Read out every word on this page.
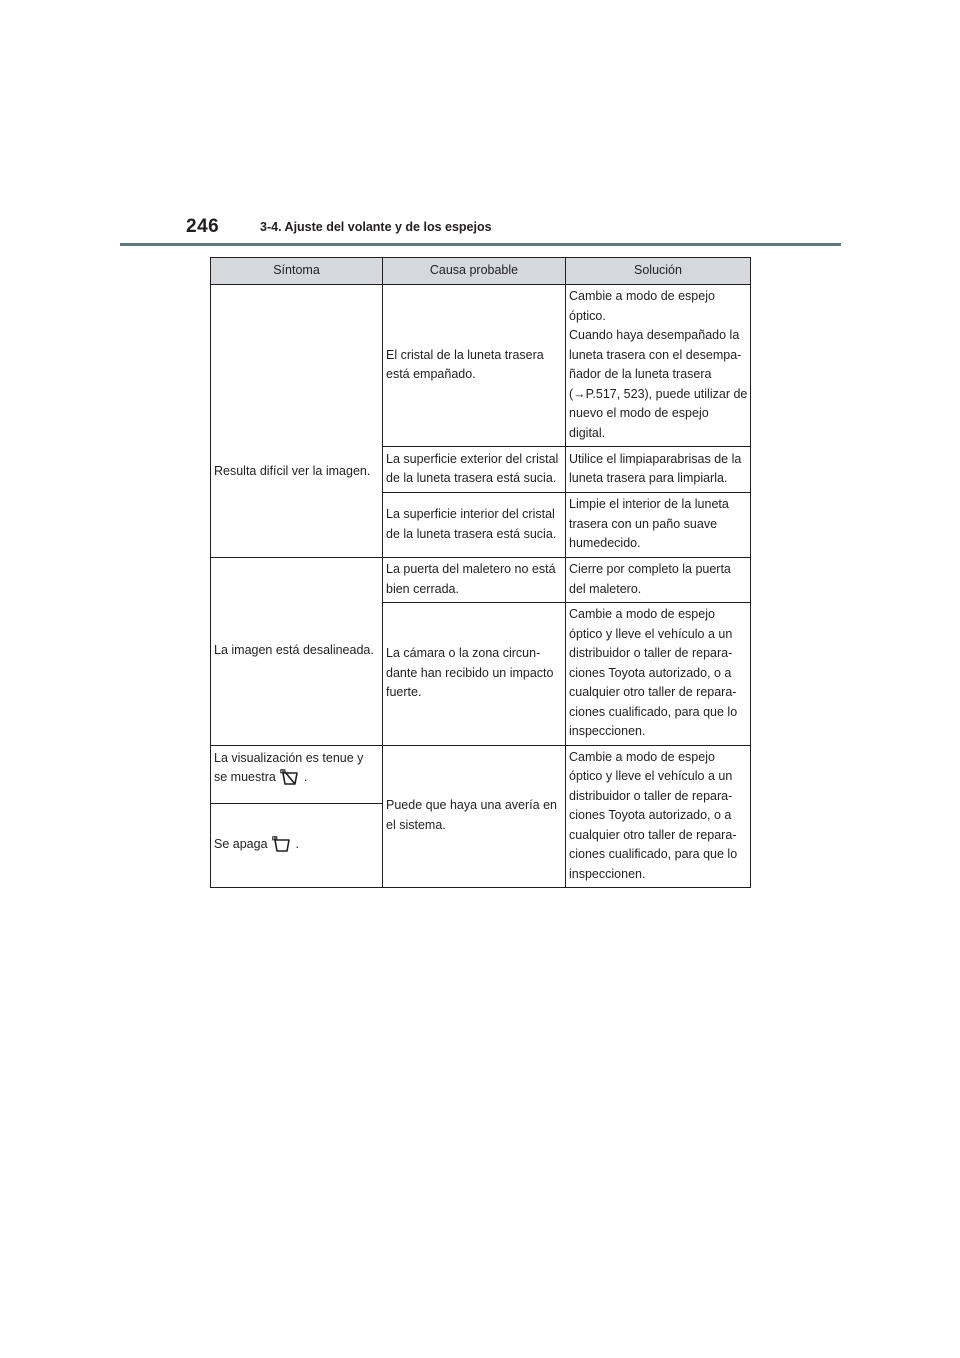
246	3-4. Ajuste del volante y de los espejos
Síntoma	Causa probable	Solución
Resulta difícil ver la imagen.	El cristal de la luneta trasera está empañado.	Cambie a modo de espejo óptico.
Cuando haya desempañado la luneta trasera con el desempa-ñador de la luneta trasera (→P.517, 523), puede utilizar de nuevo el modo de espejo digital.
	La superficie exterior del cristal de la luneta trasera está sucia.	Utilice el limpiaparabrisas de la luneta trasera para limpiarla.
	La superficie interior del cristal de la luneta trasera está sucia.	Limpie el interior de la luneta trasera con un paño suave humedecido.
La imagen está desalineada.	La puerta del maletero no está bien cerrada.	Cierre por completo la puerta del maletero.
	La cámara o la zona circun-dante han recibido un impacto fuerte.	Cambie a modo de espejo óptico y lleve el vehículo a un distribuidor o taller de repara-ciones Toyota autorizado, o a cualquier otro taller de repara-ciones cualificado, para que lo inspeccionen.
La visualización es tenue y se muestra .	Puede que haya una avería en el sistema.	Cambie a modo de espejo óptico y lleve el vehículo a un distribuidor o taller de repara-ciones Toyota autorizado, o a cualquier otro taller de repara-ciones cualificado, para que lo inspeccionen.
Se apaga .		
